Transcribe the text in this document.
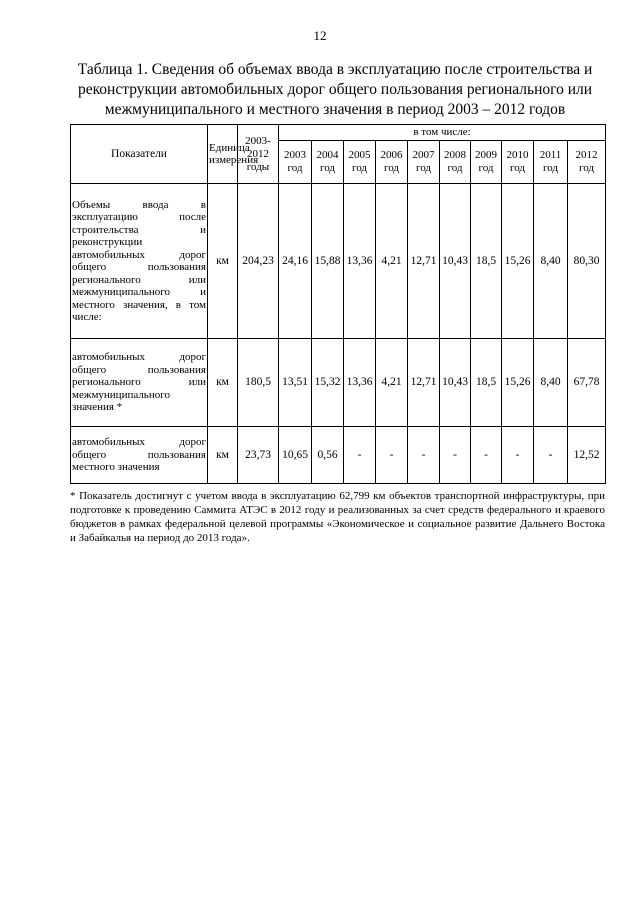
12
Таблица 1. Сведения об объемах ввода в эксплуатацию после строительства и реконструкции автомобильных дорог общего пользования регионального или межмуниципального и местного значения в период 2003 – 2012 годов
Показатели	Единица измерения	2003-2012 годы	в том числе:									
			2003 год	2004 год	2005 год	2006 год	2007 год	2008 год	2009 год	2010 год	2011 год	2012 год
Объемы ввода в эксплуатацию после строительства и реконструкции автомобильных дорог общего пользования регионального или межмуниципального и местного значения, в том числе:	км	204,23	24,16	15,88	13,36	4,21	12,71	10,43	18,5	15,26	8,40	80,30
автомобильных дорог общего пользования регионального или межмуниципального значения *	км	180,5	13,51	15,32	13,36	4,21	12,71	10,43	18,5	15,26	8,40	67,78
автомобильных дорог общего пользования местного значения	км	23,73	10,65	0,56	-	-	-	-	-	-	-	12,52
* Показатель достигнут с учетом ввода в эксплуатацию 62,799 км объектов транспортной инфраструктуры, при подготовке к проведению Саммита АТЭС в 2012 году и реализованных за счет средств федерального и краевого бюджетов в рамках федеральной целевой программы «Экономическое и социальное развитие Дальнего Востока и Забайкалья на период до 2013 года».
